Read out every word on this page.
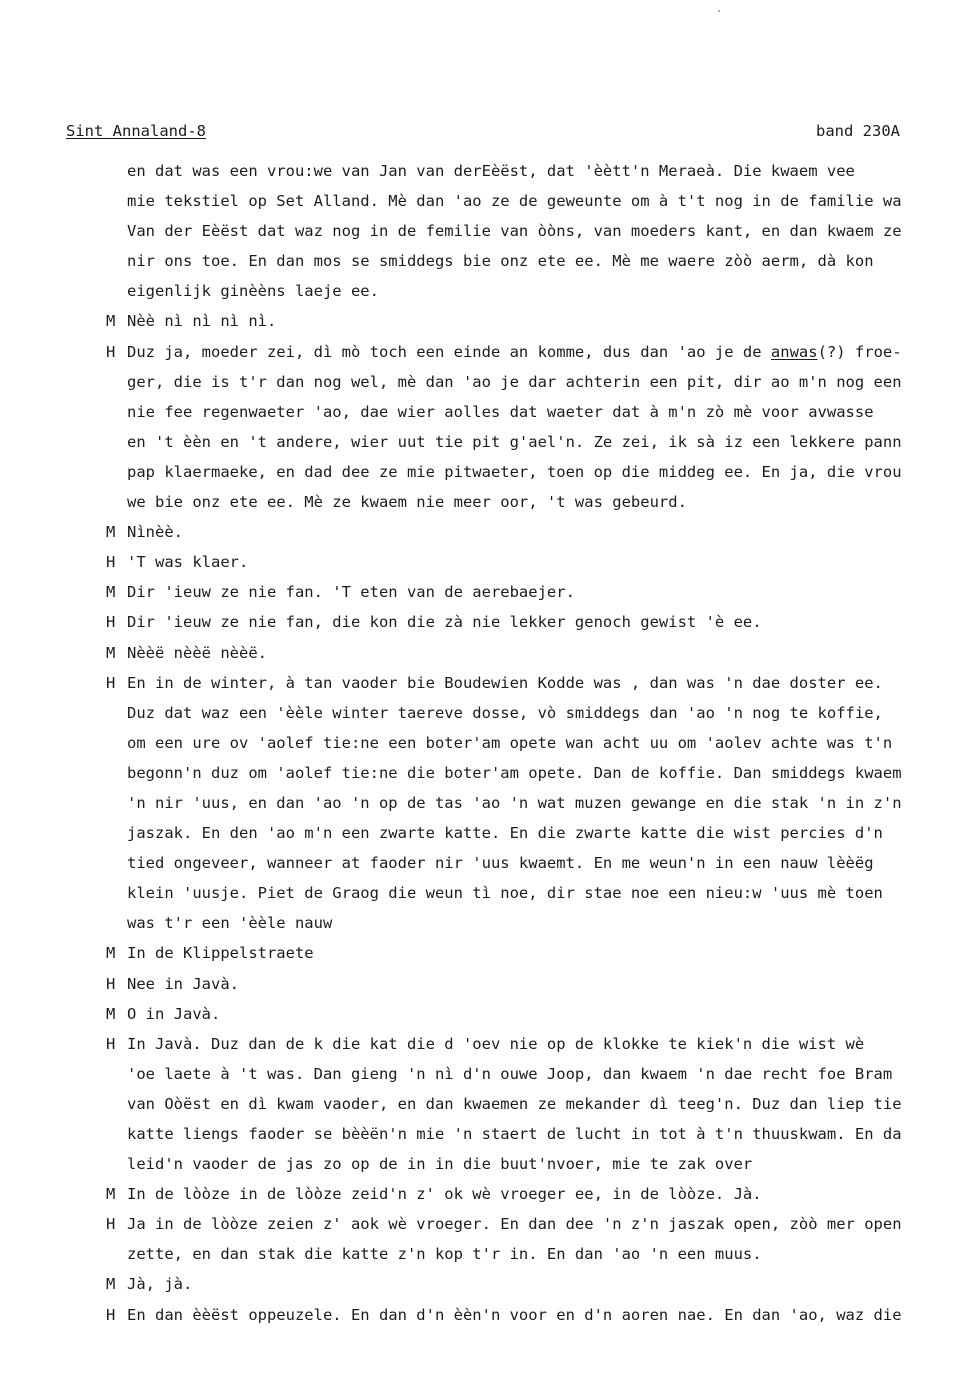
Sint Annaland-8	band 230A
en dat was een vrou:we van Jan van derEèëst, dat 'èètt'n Meraeà. Die kwaem vee
mie tekstiel op Set Alland. Mè dan 'ao ze de geweunte om à t't nog in de familie wa
Van der Eèëst dat waz nog in de femilie van òòns, van moeders kant, en dan kwaem ze
nir ons toe. En dan mos se smiddegs bie onz ete ee. Mè me waere zòò aerm, dà kon
eigenlijk ginèèns laeje ee.
M Nèè nì nì nì nì.
H Duz ja, moeder zei, dì mò toch een einde an komme, dus dan 'ao je de anwas(?) froe-
ger, die is t'r dan nog wel, mè dan 'ao je dar achterin een pit, dir ao m'n nog een
nie fee regenwaeter 'ao, dae wier aolles dat waeter dat à m'n zò mè voor avwasse
en 't èèn en 't andere, wier uut tie pit g'ael'n. Ze zei, ik sà iz een lekkere pann
pap klaermaeke, en dad dee ze mie pitwaeter, toen op die middeg ee. En ja, die vrou
we bie onz ete ee. Mè ze kwaem nie meer oor, 't was gebeurd.
M Nìnèè.
H 'T was klaer.
M Dir 'ieuw ze nie fan. 'T eten van de aerebaejer.
H Dir 'ieuw ze nie fan, die kon die zà nie lekker genoch gewist 'è ee.
M Nèèë nèèë nèèë.
H En in de winter, à tan vaoder bie Boudewien Kodde was , dan was 'n dae doster ee.
Duz dat waz een 'èèle winter taereve dosse, vò smiddegs dan 'ao 'n nog te koffie,
om een ure ov 'aolef tie:ne een boter'am opete wan acht uu om 'aolev achte was t'n
begonn'n duz om 'aolef tie:ne die boter'am opete. Dan de koffie. Dan smiddegs kwaem
'n nir 'uus, en dan 'ao 'n op de tas 'ao 'n wat muzen gewange en die stak 'n in z'n
jaszak. En den 'ao m'n een zwarte katte. En die zwarte katte die wist percies d'n
tied ongeveer, wanneer at faoder nir 'uus kwaemt. En me weun'n in een nauw lèèëg
klein 'uusje. Piet de Graog die weun tì noe, dir stae noe een nieu:w 'uus mè toen
was t'r een 'èèle nauw
M In de Klippelstraete
H Nee in Javà.
M O in Javà.
H In Javà. Duz dan de k die kat die d 'oev nie op de klokke te kiek'n die wist wè
'oe laete à 't was. Dan gieng 'n nì d'n ouwe Joop, dan kwaem 'n dae recht foe Bram
van Oòëst en dì kwam vaoder, en dan kwaemen ze mekander dì teeg'n. Duz dan liep tie
katte liengs faoder se bèèën'n mie 'n staert de lucht in tot à t'n thuuskwam. En da
leid'n vaoder de jas zo op de in in die buut'nvoer, mie te zak over
M In de lòòze in de lòòze zeid'n z' ok wè vroeger ee, in de lòòze. Jà.
H Ja in de lòòze zeien z' aok wè vroeger. En dan dee 'n z'n jaszak open, zòò mer open
zette, en dan stak die katte z'n kop t'r in. En dan 'ao 'n een muus.
M Jà, jà.
H En dan èèëst oppeuzele. En dan d'n èèn'n voor en d'n aoren nae. En dan 'ao, waz die
